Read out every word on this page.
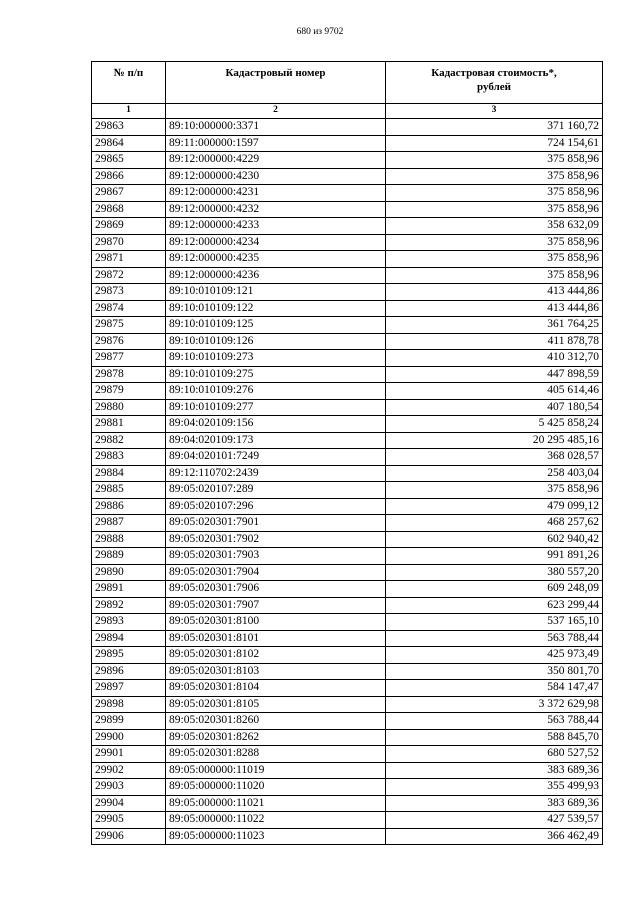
680 из 9702
№ п/п	Кадастровый номер	Кадастровая стоимость*,
рублей
1	2	3
29863	89:10:000000:3371	371 160,72
29864	89:11:000000:1597	724 154,61
29865	89:12:000000:4229	375 858,96
29866	89:12:000000:4230	375 858,96
29867	89:12:000000:4231	375 858,96
29868	89:12:000000:4232	375 858,96
29869	89:12:000000:4233	358 632,09
29870	89:12:000000:4234	375 858,96
29871	89:12:000000:4235	375 858,96
29872	89:12:000000:4236	375 858,96
29873	89:10:010109:121	413 444,86
29874	89:10:010109:122	413 444,86
29875	89:10:010109:125	361 764,25
29876	89:10:010109:126	411 878,78
29877	89:10:010109:273	410 312,70
29878	89:10:010109:275	447 898,59
29879	89:10:010109:276	405 614,46
29880	89:10:010109:277	407 180,54
29881	89:04:020109:156	5 425 858,24
29882	89:04:020109:173	20 295 485,16
29883	89:04:020101:7249	368 028,57
29884	89:12:110702:2439	258 403,04
29885	89:05:020107:289	375 858,96
29886	89:05:020107:296	479 099,12
29887	89:05:020301:7901	468 257,62
29888	89:05:020301:7902	602 940,42
29889	89:05:020301:7903	991 891,26
29890	89:05:020301:7904	380 557,20
29891	89:05:020301:7906	609 248,09
29892	89:05:020301:7907	623 299,44
29893	89:05:020301:8100	537 165,10
29894	89:05:020301:8101	563 788,44
29895	89:05:020301:8102	425 973,49
29896	89:05:020301:8103	350 801,70
29897	89:05:020301:8104	584 147,47
29898	89:05:020301:8105	3 372 629,98
29899	89:05:020301:8260	563 788,44
29900	89:05:020301:8262	588 845,70
29901	89:05:020301:8288	680 527,52
29902	89:05:000000:11019	383 689,36
29903	89:05:000000:11020	355 499,93
29904	89:05:000000:11021	383 689,36
29905	89:05:000000:11022	427 539,57
29906	89:05:000000:11023	366 462,49
